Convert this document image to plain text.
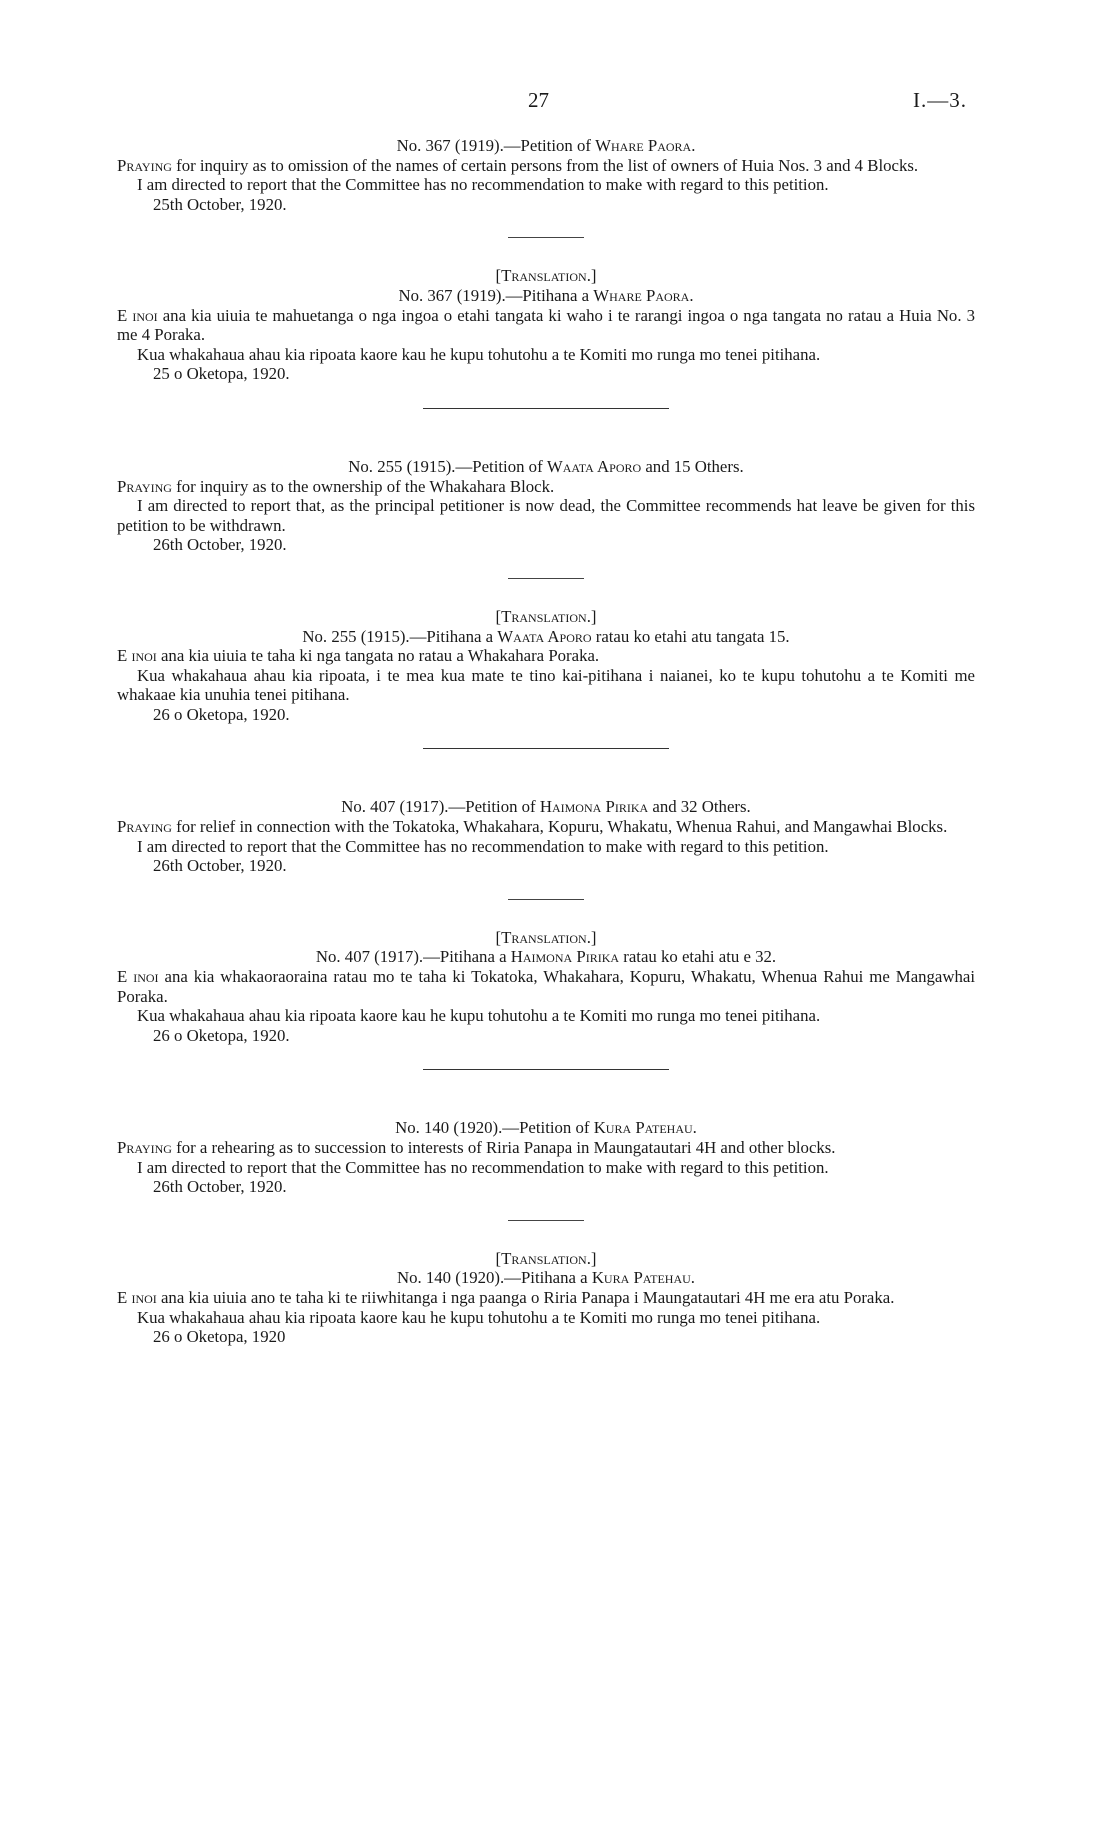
27	I.—3.
No. 367 (1919).—Petition of Whare Paora.
Praying for inquiry as to omission of the names of certain persons from the list of owners of Huia Nos. 3 and 4 Blocks.
I am directed to report that the Committee has no recommendation to make with regard to this petition.
25th October, 1920.
[Translation.]
No. 367 (1919).—Pitihana a Whare Paora.
E inoi ana kia uiuia te mahuetanga o nga ingoa o etahi tangata ki waho i te rarangi ingoa o nga tangata no ratau a Huia No. 3 me 4 Poraka.
Kua whakahaua ahau kia ripoata kaore kau he kupu tohutohu a te Komiti mo runga mo tenei pitihana.
25 o Oketopa, 1920.
No. 255 (1915).—Petition of Waata Aporo and 15 Others.
Praying for inquiry as to the ownership of the Whakahara Block.
I am directed to report that, as the principal petitioner is now dead, the Committee recommends hat leave be given for this petition to be withdrawn.
26th October, 1920.
[Translation.]
No. 255 (1915).—Pitihana a Waata Aporo ratau ko etahi atu tangata 15.
E inoi ana kia uiuia te taha ki nga tangata no ratau a Whakahara Poraka.
Kua whakahaua ahau kia ripoata, i te mea kua mate te tino kai-pitihana i naianei, ko te kupu tohutohu a te Komiti me whakaae kia unuhia tenei pitihana.
26 o Oketopa, 1920.
No. 407 (1917).—Petition of Haimona Pirika and 32 Others.
Praying for relief in connection with the Tokatoka, Whakahara, Kopuru, Whakatu, Whenua Rahui, and Mangawhai Blocks.
I am directed to report that the Committee has no recommendation to make with regard to this petition.
26th October, 1920.
[Translation.]
No. 407 (1917).—Pitihana a Haimona Pirika ratau ko etahi atu e 32.
E inoi ana kia whakaoraoraina ratau mo te taha ki Tokatoka, Whakahara, Kopuru, Whakatu, Whenua Rahui me Mangawhai Poraka.
Kua whakahaua ahau kia ripoata kaore kau he kupu tohutohu a te Komiti mo runga mo tenei pitihana.
26 o Oketopa, 1920.
No. 140 (1920).—Petition of Kura Patehau.
Praying for a rehearing as to succession to interests of Riria Panapa in Maungatautari 4H and other blocks.
I am directed to report that the Committee has no recommendation to make with regard to this petition.
26th October, 1920.
[Translation.]
No. 140 (1920).—Pitihana a Kura Patehau.
E inoi ana kia uiuia ano te taha ki te riiwhitanga i nga paanga o Riria Panapa i Maungatautari 4H me era atu Poraka.
Kua whakahaua ahau kia ripoata kaore kau he kupu tohutohu a te Komiti mo runga mo tenei pitihana.
26 o Oketopa, 1920
